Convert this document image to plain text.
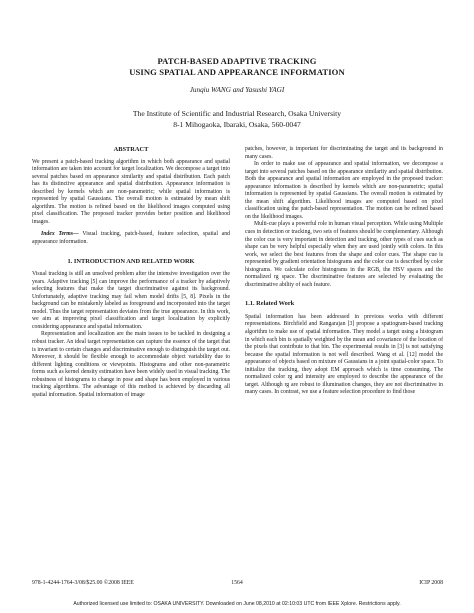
PATCH-BASED ADAPTIVE TRACKING
USING SPATIAL AND APPEARANCE INFORMATION
Junqiu WANG and Yasushi YAGI
The Institute of Scientific and Industrial Research, Osaka University
8-1 Mihogaoka, Ibaraki, Osaka, 560-0047
ABSTRACT

We present a patch-based tracking algorithm in which both appearance and spatial information are taken into account for target localization. We decompose a target into several patches based on appearance similarity and spatial distribution. Each patch has its distinctive appearance and spatial distribution. Appearance information is described by kernels which are non-parametric; while spatial information is represented by spatial Gaussians. The overall motion is estimated by mean shift algorithm. The motion is refined based on the likelihood images computed using pixel classification. The proposed tracker provides better position and likelihood images.

Index Terms— Visual tracking, patch-based, feature selection, spatial and appearance information.

1. INTRODUCTION AND RELATED WORK

Visual tracking is still an unsolved problem after the intensive investigation over the years. Adaptive tracking [5] can improve the performance of a tracker by adaptively selecting features that make the target discriminative against its background. Unfortunately, adaptive tracking may fail when model drifts [5, 8]. Pixels in the background can be mistakenly labeled as foreground and incorporated into the target model. Thus the target representation deviates from the true appearance. In this work, we aim at improving pixel classification and target localization by explicitly considering appearance and spatial information.

Representation and localization are the main issues to be tackled in designing a robust tracker. An ideal target representation can capture the essence of the target that is invariant to certain changes and discriminative enough to distinguish the target out. Moreover, it should be flexible enough to accommodate object variability due to different lighting conditions or viewpoints. Histograms and other non-parametric forms such as kernel density estimation have been widely used in visual tracking. The robustness of histograms to change in pose and shape has been employed in various tracking algorithms. The advantage of this method is achieved by discarding all spatial information. Spatial information of image

patches, however, is important for discriminating the target and its background in many cases.

In order to make use of appearance and spatial information, we decompose a target into several patches based on the appearance similarity and spatial distribution. Both the appearance and spatial information are employed in the proposed tracker: appearance information is described by kernels which are non-parametric; spatial information is represented by spatial Gaussians. The overall motion is estimated by the mean shift algorithm. Likelihood images are computed based on pixel classification using the patch-based representation. The motion can be refined based on the likelihood images.

Multi-cue plays a powerful role in human visual perception. While using Multiple cues in detection or tracking, two sets of features should be complementary. Although the color cue is very important in detection and tracking, other types of cues such as shape can be very helpful especially when they are used jointly with colors. In this work, we select the best features from the shape and color cues. The shape cue is represented by gradient orientation histograms and the color cue is described by color histograms. We calculate color histograms in the RGB, the HSV spaces and the normalized rg space. The discriminative features are selected by evaluating the discriminative ability of each feature.

1.1. Related Work

Spatial information has been addressed in previous works with different representations. Birchfield and Rangarajan [3] propose a spatiogram-based tracking algorithm to make use of spatial information. They model a target using a histogram in which each bin is spatially weighted by the mean and covariance of the location of the pixels that contribute to that bin. The experimental results in [3] is not satisfying because the spatial information is not well described. Wang et al. [12] model the appearance of objects based on mixture of Gaussians in a joint spatial-color space. To initialize the tracking, they adopt EM approach which is time consuming. The normalized color rg and intensity are employed to describe the appearance of the target. Although rg are robust to illumination changes, they are not discriminative in many cases. In contrast, we use a feature selection procedure to find those

978-1-4244-1764-3/08/$25.00 ©2008 IEEE	1564	ICIP 2008
Authorized licensed use limited to: OSAKA UNIVERSITY. Downloaded on June 08,2010 at 02:10:03 UTC from IEEE Xplore. Restrictions apply.
